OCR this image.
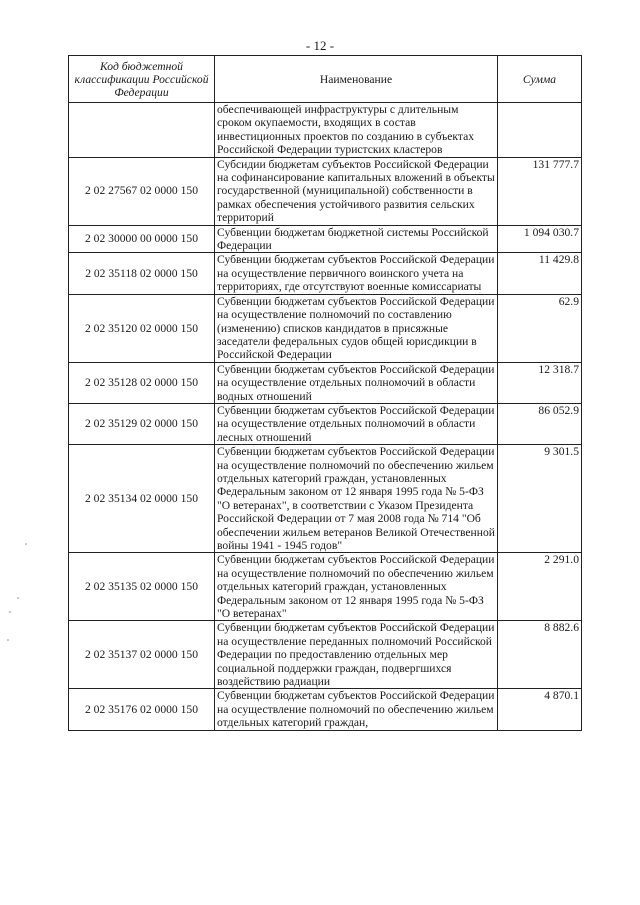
- 12 -
Код бюджетной классификации Российской Федерации	Наименование	Сумма
	обеспечивающей инфраструктуры с длительным сроком окупаемости, входящих в состав инвестиционных проектов по созданию в субъектах Российской Федерации туристских кластеров	
2 02 27567 02 0000 150	Субсидии бюджетам субъектов Российской Федерации на софинансирование капитальных вложений в объекты государственной (муниципальной) собственности в рамках обеспечения устойчивого развития сельских территорий	131 777.7
2 02 30000 00 0000 150	Субвенции бюджетам бюджетной системы Российской Федерации	1 094 030.7
2 02 35118 02 0000 150	Субвенции бюджетам субъектов Российской Федерации на осуществление первичного воинского учета на территориях, где отсутствуют военные комиссариаты	11 429.8
2 02 35120 02 0000 150	Субвенции бюджетам субъектов Российской Федерации на осуществление полномочий по составлению (изменению) списков кандидатов в присяжные заседатели федеральных судов общей юрисдикции в Российской Федерации	62.9
2 02 35128 02 0000 150	Субвенции бюджетам субъектов Российской Федерации на осуществление отдельных полномочий в области водных отношений	12 318.7
2 02 35129 02 0000 150	Субвенции бюджетам субъектов Российской Федерации на осуществление отдельных полномочий в области лесных отношений	86 052.9
2 02 35134 02 0000 150	Субвенции бюджетам субъектов Российской Федерации на осуществление полномочий по обеспечению жильем отдельных категорий граждан, установленных Федеральным законом от 12 января 1995 года № 5-ФЗ "О ветеранах", в соответствии с Указом Президента Российской Федерации от 7 мая 2008 года № 714 "Об обеспечении жильем ветеранов Великой Отечественной войны 1941 - 1945 годов"	9 301.5
2 02 35135 02 0000 150	Субвенции бюджетам субъектов Российской Федерации на осуществление полномочий по обеспечению жильем отдельных категорий граждан, установленных Федеральным законом от 12 января 1995 года № 5-ФЗ "О ветеранах"	2 291.0
2 02 35137 02 0000 150	Субвенции бюджетам субъектов Российской Федерации на осуществление переданных полномочий Российской Федерации по предоставлению отдельных мер социальной поддержки граждан, подвергшихся воздействию радиации	8 882.6
2 02 35176 02 0000 150	Субвенции бюджетам субъектов Российской Федерации на осуществление полномочий по обеспечению жильем отдельных категорий граждан,	4 870.1
